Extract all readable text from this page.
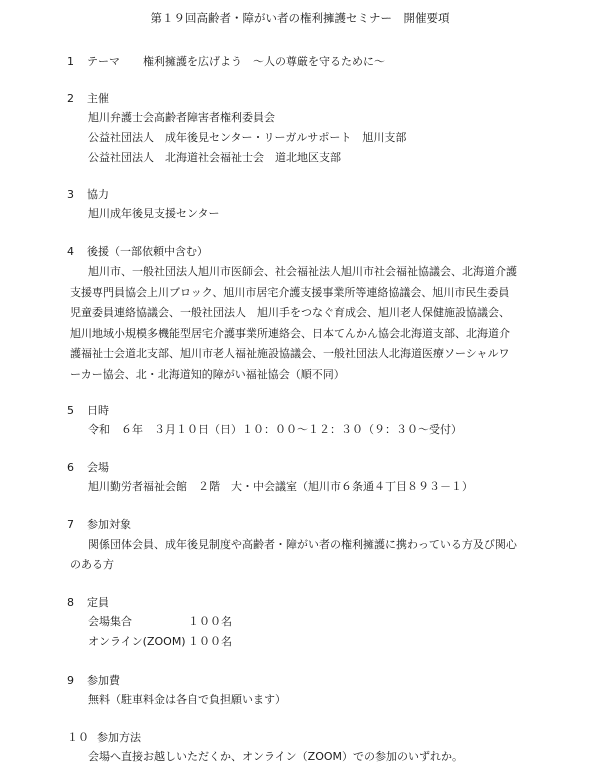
第１９回高齢者・障がい者の権利擁護セミナー　開催要項
1 テーマ 権利擁護を広げよう　～人の尊厳を守るために～
2 主催
旭川弁護士会高齢者障害者権利委員会
公益社団法人　成年後見センター・リーガルサポート　旭川支部
公益社団法人　北海道社会福祉士会　道北地区支部
3 協力
旭川成年後見支援センター
4 後援（一部依頼中含む）
旭川市、一般社団法人旭川市医師会、社会福祉法人旭川市社会福祉協議会、北海道介護
支援専門員協会上川ブロック、旭川市居宅介護支援事業所等連絡協議会、旭川市民生委員
児童委員連絡協議会、一般社団法人　旭川手をつなぐ育成会、旭川老人保健施設協議会、
旭川地域小規模多機能型居宅介護事業所連絡会、日本てんかん協会北海道支部、北海道介
護福祉士会道北支部、旭川市老人福祉施設協議会、一般社団法人北海道医療ソーシャルワ
ーカー協会、北・北海道知的障がい福祉協会（順不同）
5 日時
令和　６年　３月１０日（日）１０：００～１２：３０（９：３０～受付）
6 会場
旭川勤労者福祉会館　２階　大・中会議室（旭川市６条通４丁目８９３－１）
7 参加対象
関係団体会員、成年後見制度や高齢者・障がい者の権利擁護に携わっている方及び関心
のある方
8 定員
会場集合	１００名
オンライン(ZOOM) １００名
9 参加費
無料（駐車料金は各自で負担願います）
１０ 参加方法
会場へ直接お越しいただくか、オンライン（ZOOM）での参加のいずれか。
